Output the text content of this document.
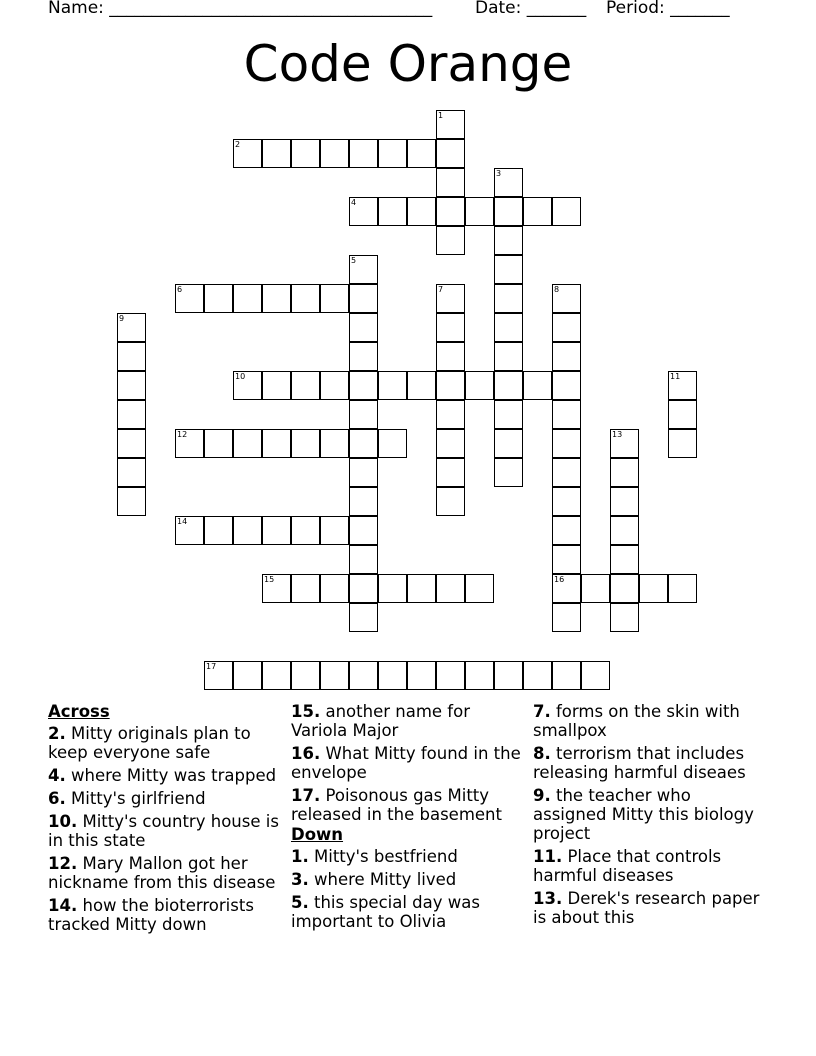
Name: ______________________________________	Date: _______ Period: _______
Code Orange
1
2
3
4
5
6	7	8
16
9
10	11
12	13
14
15
17
Across
2. Mitty originals plan to keep everyone safe
4. where Mitty was trapped
6. Mitty's girlfriend
10. Mitty's country house is in this state
12. Mary Mallon got her nickname from this disease
14. how the bioterrorists tracked Mitty down
15. another name for Variola Major
16. What Mitty found in the envelope
17. Poisonous gas Mitty released in the basement
Down
1. Mitty's bestfriend
3. where Mitty lived
5. this special day was important to Olivia
7. forms on the skin with smallpox
8. terrorism that includes releasing harmful diseaes
9. the teacher who assigned Mitty this biology project
11. Place that controls harmful diseases
13. Derek's research paper is about this
